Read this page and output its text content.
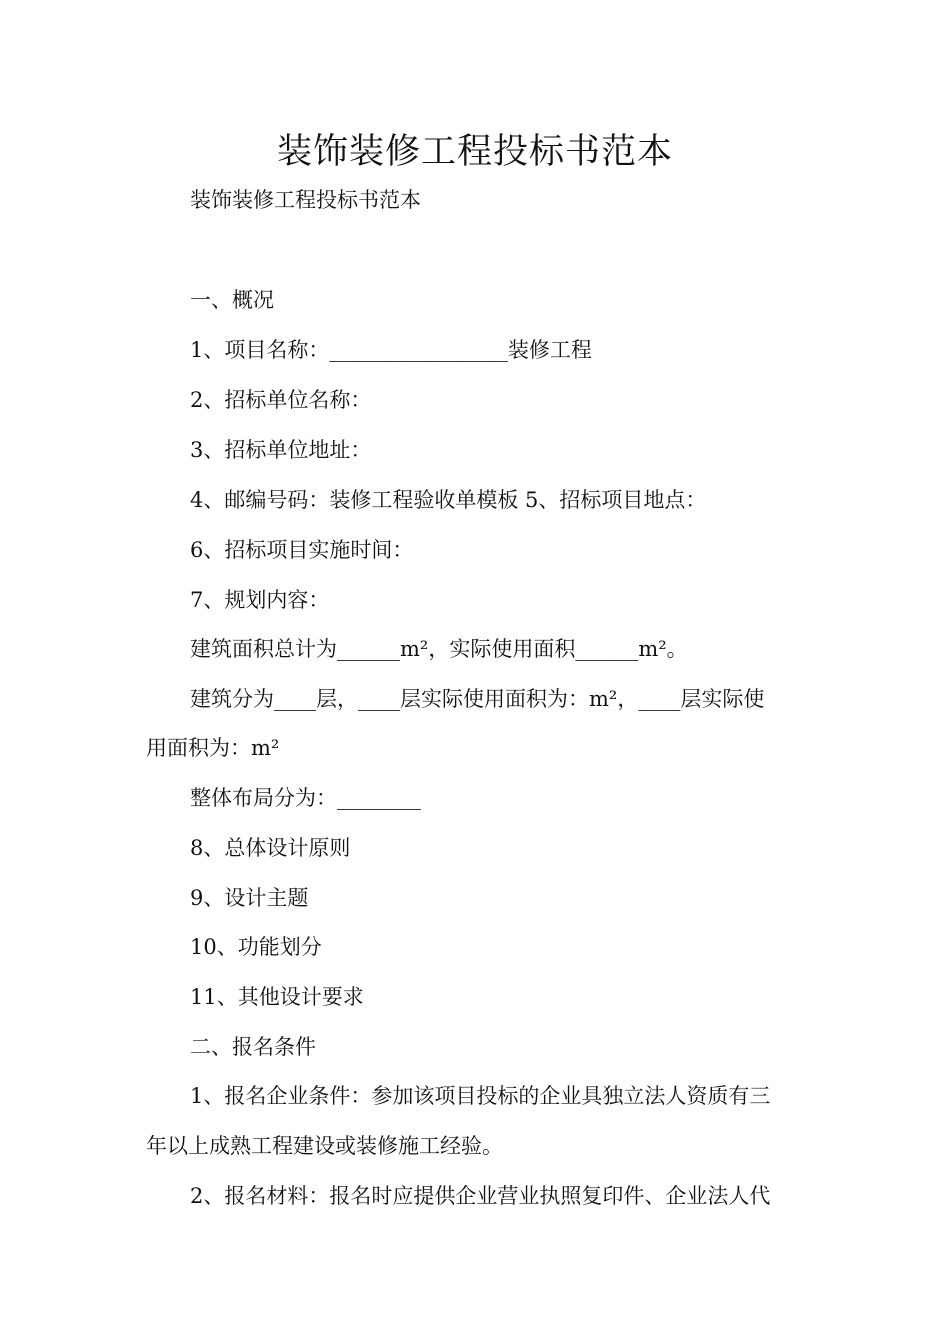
装饰装修工程投标书范本
装饰装修工程投标书范本
一、概况
1、项目名称：_________________装修工程
2、招标单位名称：
3、招标单位地址：
4、邮编号码：装修工程验收单模板 5、招标项目地点：
6、招标项目实施时间：
7、规划内容：
建筑面积总计为______m²，实际使用面积______m²。
建筑分为____层，____层实际使用面积为：m²，____层实际使
用面积为：m²
整体布局分为：________
8、总体设计原则
9、设计主题
10、功能划分
11、其他设计要求
二、报名条件
1、报名企业条件：参加该项目投标的企业具独立法人资质有三
年以上成熟工程建设或装修施工经验。
2、报名材料：报名时应提供企业营业执照复印件、企业法人代
